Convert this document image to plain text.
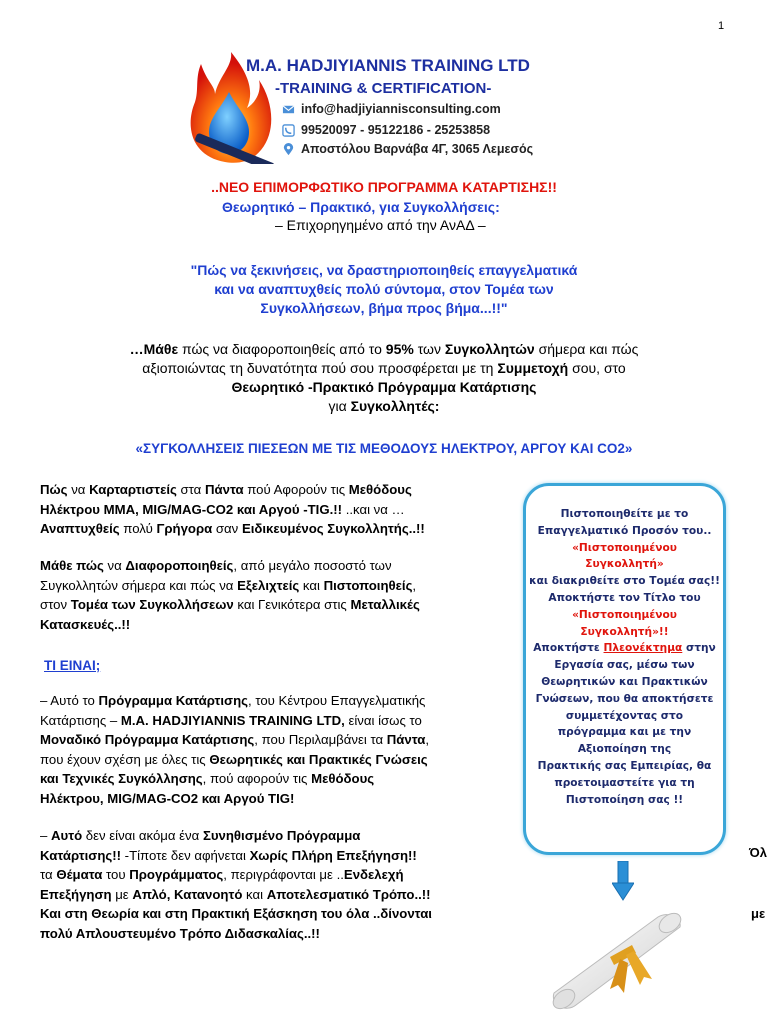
1
M.A. HADJIYIANNIS TRAINING LTD
-TRAINING & CERTIFICATION-
info@hadjiyiannisconsulting.com
99520097 - 95122186 - 25253858
Αποστόλου Βαρνάβα 4Γ, 3065 Λεμεσός
..ΝΕΟ ΕΠΙΜΟΡΦΩΤΙΚΟ ΠΡΟΓΡΑΜΜΑ ΚΑΤΑΡΤΙΣΗΣ!!
Θεωρητικό – Πρακτικό, για Συγκολλήσεις:
– Επιχορηγημένο από την ΑνΑΔ –
"Πώς να ξεκινήσεις, να δραστηριοποιηθείς επαγγελματικά
και να αναπτυχθείς πολύ σύντομα, στον Τομέα των
Συγκολλήσεων, βήμα προς βήμα...!!"
…Μάθε πώς να διαφοροποιηθείς από το 95% των Συγκολλητών σήμερα και πώς
αξιοποιώντας τη δυνατότητα πού σου προσφέρεται με τη Συμμετοχή σου, στο
Θεωρητικό -Πρακτικό Πρόγραμμα Κατάρτισης
για Συγκολλητές:
«ΣΥΓΚΟΛΛΗΣΕΙΣ ΠΙΕΣΕΩΝ ΜΕ ΤΙΣ ΜΕΘΟΔΟΥΣ ΗΛΕΚΤΡΟΥ, ΑΡΓΟΥ ΚΑΙ CO2»
Πώς να Καρταρτιστείς στα Πάντα πού Αφορούν τις Μεθόδους
Ηλέκτρου MMA, MIG/MAG-CO2 και Αργού -TIG.!! ..και να …
Αναπτυχθείς πολύ Γρήγορα σαν Ειδικευμένος Συγκολλητής..!!
Μάθε πώς να Διαφοροποιηθείς, από μεγάλο ποσοστό των
Συγκολλητών σήμερα και πώς να Εξελιχτείς και Πιστοποιηθείς,
στον Τομέα των Συγκολλήσεων και Γενικότερα στις Μεταλλικές
Κατασκευές..!!
ΤΙ ΕΙΝΑΙ;
– Αυτό το Πρόγραμμα Κατάρτισης, του Κέντρου Επαγγελματικής
Κατάρτισης – M.A. HADJIYIANNIS TRAINING LTD, είναι ίσως το
Μοναδικό Πρόγραμμα Κατάρτισης, που Περιλαμβάνει τα Πάντα,
που έχουν σχέση με όλες τις Θεωρητικές και Πρακτικές Γνώσεις
και Τεχνικές Συγκόλλησης, πού αφορούν τις Μεθόδους
Ηλέκτρου, MIG/MAG-CO2 και Αργού TIG!
– Αυτό δεν είναι ακόμα ένα Συνηθισμένο Πρόγραμμα
Κατάρτισης!! -Τίποτε δεν αφήνεται Χωρίς Πλήρη Επεξήγηση!!
τα Θέματα του Προγράμματος, περιγράφονται με ..Ενδελεχή
Επεξήγηση με Απλό, Κατανοητό και Αποτελεσματικό Τρόπο..!!
Και στη Θεωρία και στη Πρακτική Εξάσκηση του όλα ..δίνονται
πολύ Απλουστευμένο Τρόπο Διδασκαλίας..!!
Πιστοποιηθείτε με το
Επαγγελματικό Προσόν του..
«Πιστοποιημένου
Συγκολλητή»
και διακριθείτε στο Τομέα σας!!
Αποκτήστε τον Τίτλο του
«Πιστοποιημένου
Συγκολλητή»!!
Αποκτήστε Πλεονέκτημα στην
Εργασία σας, μέσω των
Θεωρητικών και Πρακτικών
Γνώσεων, που θα αποκτήσετε
συμμετέχοντας στο
πρόγραμμα και με την
Αξιοποίηση της
Πρακτικής σας Εμπειρίας, θα
προετοιμαστείτε για τη
Πιστοποίηση σας !!
Όλ
με
